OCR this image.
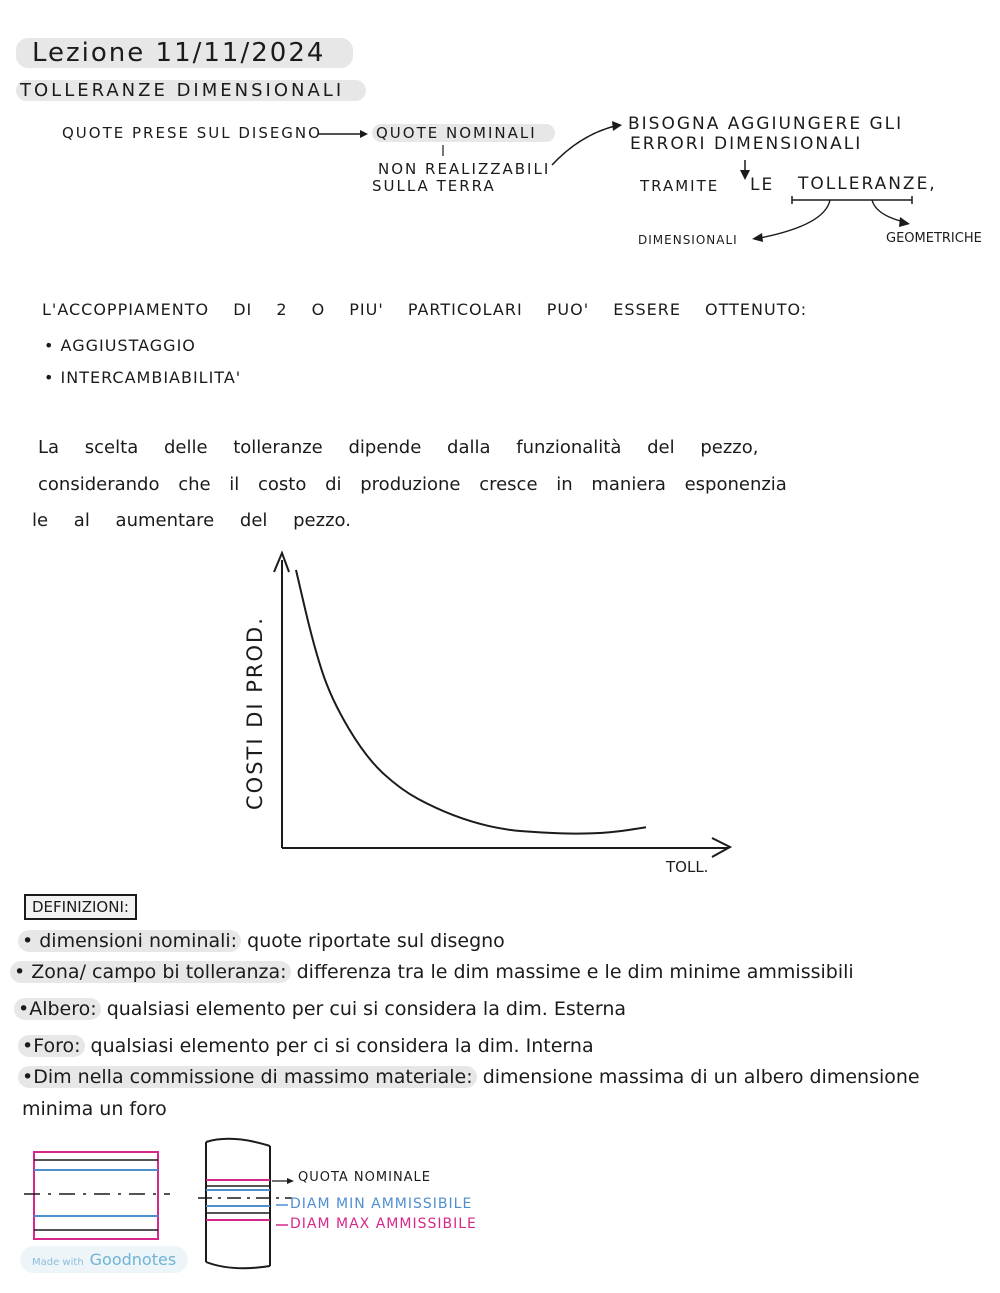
Lezione 11/11/2024
TOLLERANZE DIMENSIONALI
QUOTE PRESE SUL DISEGNO	QUOTE NOMINALI
NON REALIZZABILI
SULLA TERRA
BISOGNA AGGIUNGERE GLI
ERRORI DIMENSIONALI
TRAMITE LE TOLLERANZE,
DIMENSIONALI	GEOMETRICHE
L'ACCOPPIAMENTO DI 2 O PIU' PARTICOLARI PUO' ESSERE OTTENUTO:
• AGGIUSTAGGIO
• INTERCAMBIABILITA'
La scelta delle tolleranze dipende dalla funzionalità del pezzo,
considerando che il costo di produzione cresce in maniera esponenzia
le al aumentare del pezzo.
COSTI DI PROD.
TOLL.
DEFINIZIONI:
• dimensioni nominali: quote riportate sul disegno
• Zona/ campo bi tolleranza: differenza tra le dim massime e le dim minime ammissibili
•Albero: qualsiasi elemento per cui si considera la dim. Esterna
•Foro: qualsiasi elemento per ci si considera la dim. Interna
•Dim nella commissione di massimo materiale: dimensione massima di un albero dimensione
minima un foro
QUOTA NOMINALE
DIAM MIN AMMISSIBILE
DIAM MAX AMMISSIBILE
Made with Goodnotes
